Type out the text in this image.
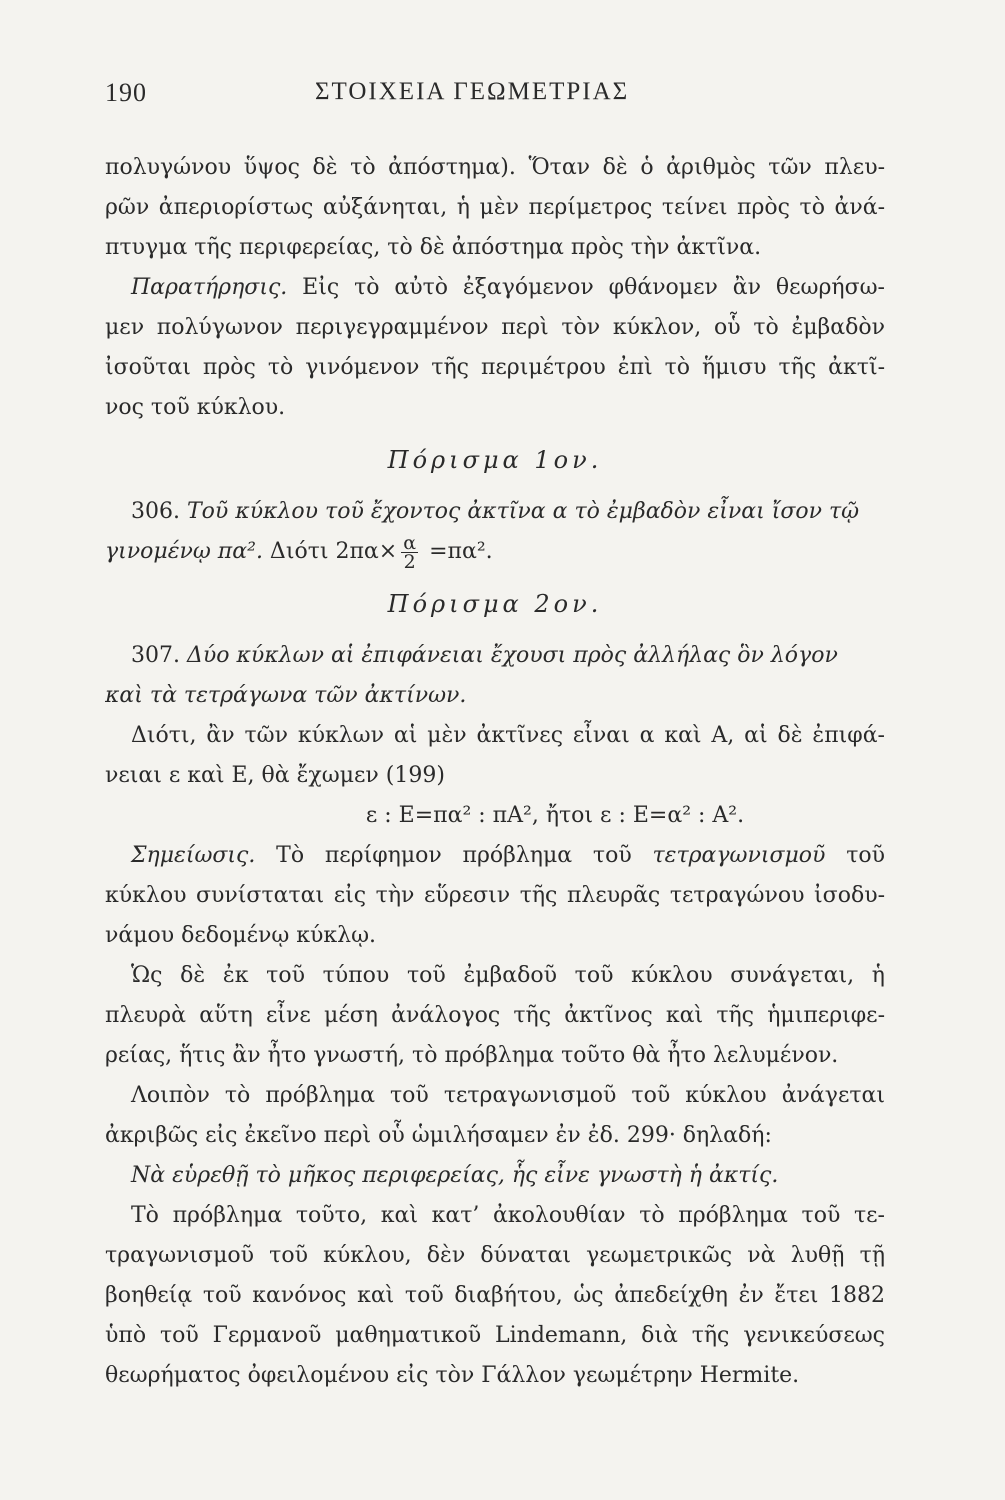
190	ΣΤΟΙΧΕΙΑ ΓΕΩΜΕΤΡΙΑΣ
πολυγώνου ὕψος δὲ τὸ ἀπόστημα). Ὅταν δὲ ὁ ἀριθμὸς τῶν πλευ-
ρῶν ἀπεριορίστως αὐξάνηται, ἡ μὲν περίμετρος τείνει πρὸς τὸ ἀνά-
πτυγμα τῆς περιφερείας, τὸ δὲ ἀπόστημα πρὸς τὴν ἀκτῖνα.
Παρατήρησις. Εἰς τὸ αὐτὸ ἐξαγόμενον φθάνομεν ἂν θεωρήσω-
μεν πολύγωνον περιγεγραμμένον περὶ τὸν κύκλον, οὗ τὸ ἐμβαδὸν
ἰσοῦται πρὸς τὸ γινόμενον τῆς περιμέτρου ἐπὶ τὸ ἥμισυ τῆς ἀκτῖ-
νος τοῦ κύκλου.
Πόρισμα 1ον.
306. Τοῦ κύκλου τοῦ ἔχοντος ἀκτῖνα α τὸ ἐμβαδὸν εἶναι ἴσον τῷ
γινομένῳ πα². Διότι $2\pi\alpha\times \frac{\alpha}{2} =\pi\alpha^2$.
Πόρισμα 2ον.
307. Δύο κύκλων αἱ ἐπιφάνειαι ἔχουσι πρὸς ἀλλήλας ὃν λόγον
καὶ τὰ τετράγωνα τῶν ἀκτίνων.
Διότι, ἂν τῶν κύκλων αἱ μὲν ἀκτῖνες εἶναι α καὶ Α, αἱ δὲ ἐπιφά-
νειαι ε καὶ Ε, θὰ ἔχωμεν (199)
ε : Ε=πα² : πΑ², ἤτοι ε : Ε=α² : Α².
Σημείωσις. Τὸ περίφημον πρόβλημα τοῦ τετραγωνισμοῦ τοῦ
κύκλου συνίσταται εἰς τὴν εὕρεσιν τῆς πλευρᾶς τετραγώνου ἰσοδυ-
νάμου δεδομένῳ κύκλῳ.
Ὡς δὲ ἐκ τοῦ τύπου τοῦ ἐμβαδοῦ τοῦ κύκλου συνάγεται, ἡ
πλευρὰ αὕτη εἶνε μέση ἀνάλογος τῆς ἀκτῖνος καὶ τῆς ἡμιπεριφε-
ρείας, ἥτις ἂν ἦτο γνωστή, τὸ πρόβλημα τοῦτο θὰ ἦτο λελυμένον.
Λοιπὸν τὸ πρόβλημα τοῦ τετραγωνισμοῦ τοῦ κύκλου ἀνάγεται
ἀκριβῶς εἰς ἐκεῖνο περὶ οὗ ὡμιλήσαμεν ἐν ἐδ. 299· δηλαδή:
Νὰ εὑρεθῇ τὸ μῆκος περιφερείας, ἧς εἶνε γνωστὴ ἡ ἀκτίς.
Τὸ πρόβλημα τοῦτο, καὶ κατ’ ἀκολουθίαν τὸ πρόβλημα τοῦ τε-
τραγωνισμοῦ τοῦ κύκλου, δὲν δύναται γεωμετρικῶς νὰ λυθῇ τῇ
βοηθείᾳ τοῦ κανόνος καὶ τοῦ διαβήτου, ὡς ἀπεδείχθη ἐν ἔτει 1882
ὑπὸ τοῦ Γερμανοῦ μαθηματικοῦ Lindemann, διὰ τῆς γενικεύσεως
θεωρήματος ὀφειλομένου εἰς τὸν Γάλλον γεωμέτρην Hermite.
